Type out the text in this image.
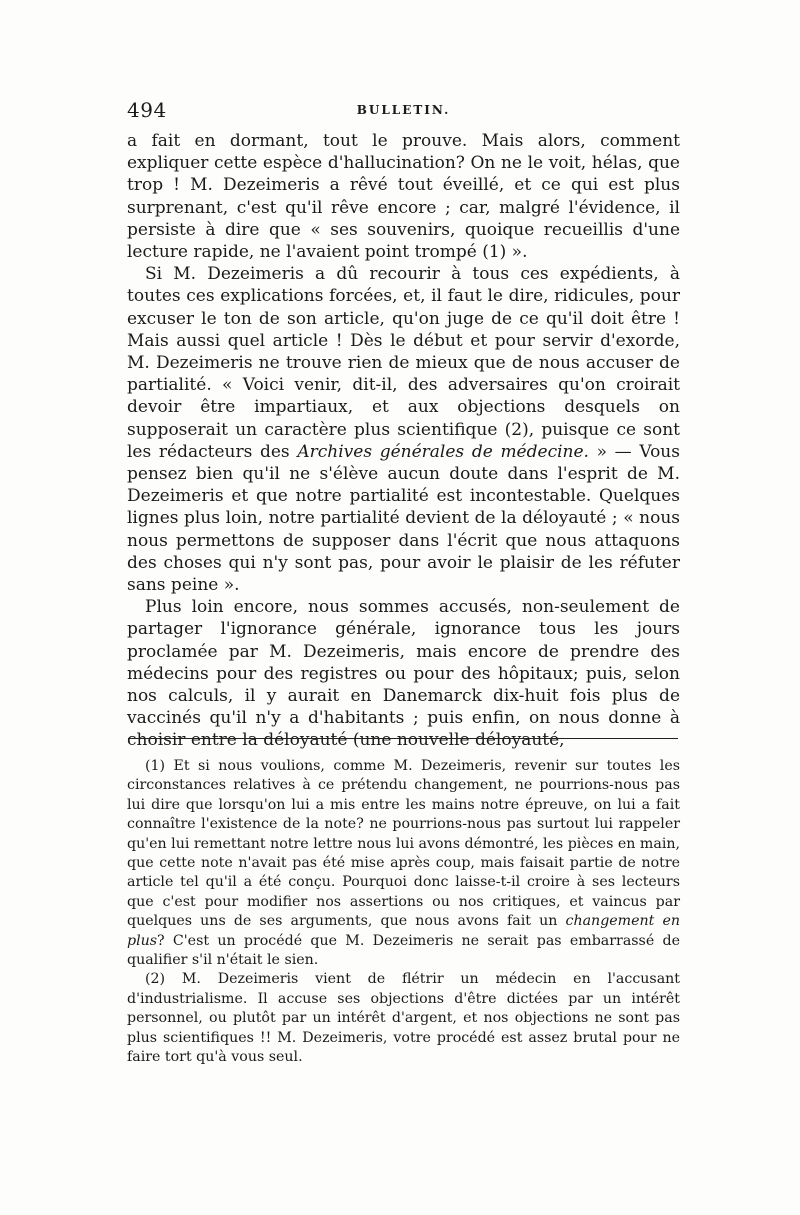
494	BULLETIN.

a fait en dormant, tout le prouve. Mais alors, comment expliquer cette espèce d'hallucination? On ne le voit, hélas, que trop ! M. Dezeimeris a rêvé tout éveillé, et ce qui est plus surprenant, c'est qu'il rêve encore ; car, malgré l'évidence, il persiste à dire que « ses souvenirs, quoique recueillis d'une lecture rapide, ne l'avaient point trompé (1) ».

Si M. Dezeimeris a dû recourir à tous ces expédients, à toutes ces explications forcées, et, il faut le dire, ridicules, pour excuser le ton de son article, qu'on juge de ce qu'il doit être ! Mais aussi quel article ! Dès le début et pour servir d'exorde, M. Dezeimeris ne trouve rien de mieux que de nous accuser de partialité. « Voici venir, dit-il, des adversaires qu'on croirait devoir être impartiaux, et aux objections desquels on supposerait un caractère plus scientifique (2), puisque ce sont les rédacteurs des Archives générales de médecine. » — Vous pensez bien qu'il ne s'élève aucun doute dans l'esprit de M. Dezeimeris et que notre partialité est incontestable. Quelques lignes plus loin, notre partialité devient de la déloyauté ; « nous nous permettons de supposer dans l'écrit que nous attaquons des choses qui n'y sont pas, pour avoir le plaisir de les réfuter sans peine ».

Plus loin encore, nous sommes accusés, non-seulement de partager l'ignorance générale, ignorance tous les jours proclamée par M. Dezeimeris, mais encore de prendre des médecins pour des registres ou pour des hôpitaux; puis, selon nos calculs, il y aurait en Danemarck dix-huit fois plus de vaccinés qu'il n'y a d'habitants ; puis enfin, on nous donne à choisir entre la déloyauté (une nouvelle déloyauté,

(1) Et si nous voulions, comme M. Dezeimeris, revenir sur toutes les circonstances relatives à ce prétendu changement, ne pourrions-nous pas lui dire que lorsqu'on lui a mis entre les mains notre épreuve, on lui a fait connaître l'existence de la note? ne pourrions-nous pas surtout lui rappeler qu'en lui remettant notre lettre nous lui avons démontré, les pièces en main, que cette note n'avait pas été mise après coup, mais faisait partie de notre article tel qu'il a été conçu. Pourquoi donc laisse-t-il croire à ses lecteurs que c'est pour modifier nos assertions ou nos critiques, et vaincus par quelques uns de ses arguments, que nous avons fait un changement en plus? C'est un procédé que M. Dezeimeris ne serait pas embarrassé de qualifier s'il n'était le sien.

(2) M. Dezeimeris vient de flétrir un médecin en l'accusant d'industrialisme. Il accuse ses objections d'être dictées par un intérêt personnel, ou plutôt par un intérêt d'argent, et nos objections ne sont pas plus scientifiques !! M. Dezeimeris, votre procédé est assez brutal pour ne faire tort qu'à vous seul.
